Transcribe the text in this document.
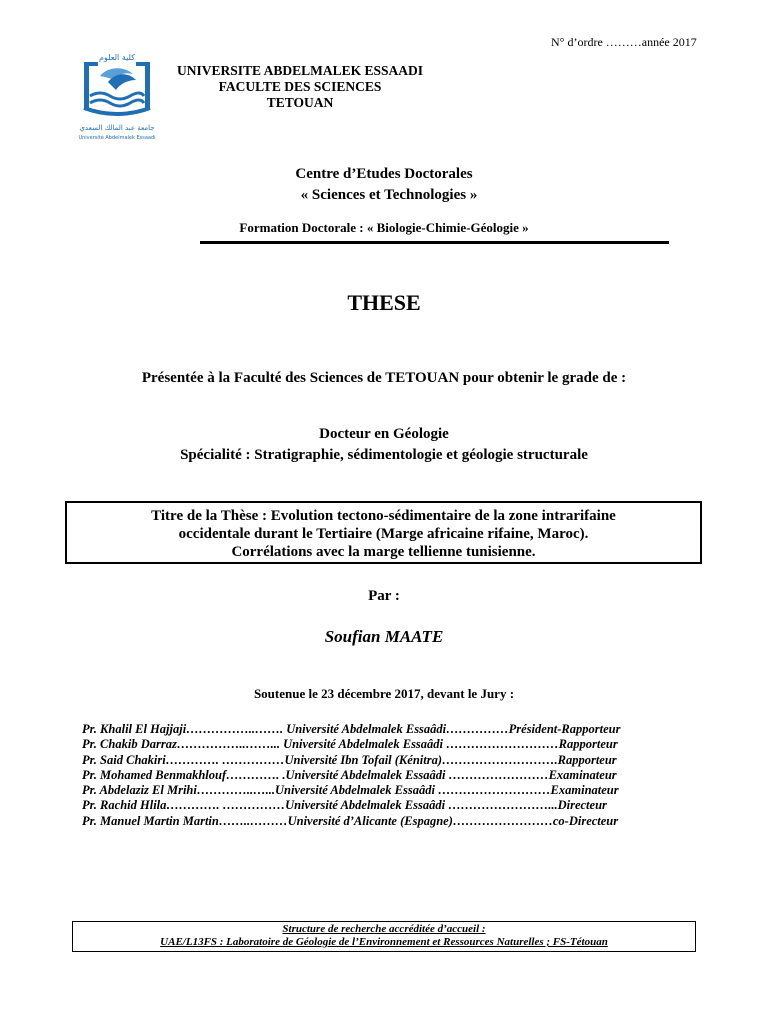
N° d’ordre ………année 2017
كلية العلوم
جامعة عبد المالك السعدي
Université Abdelmalek Essaadi
UNIVERSITE ABDELMALEK ESSAADI
FACULTE DES SCIENCES
TETOUAN
Centre d’Etudes Doctorales
« Sciences et Technologies »
Formation Doctorale : « Biologie-Chimie-Géologie »
THESE
Présentée à la Faculté des Sciences de TETOUAN pour obtenir le grade de :
Docteur en Géologie
Spécialité : Stratigraphie, sédimentologie et géologie structurale
Titre de la Thèse : Evolution tectono-sédimentaire de la zone intrarifaine
occidentale durant le Tertiaire (Marge africaine rifaine, Maroc).
Corrélations avec la marge tellienne tunisienne.
Par :
Soufian MAATE
Soutenue le 23 décembre 2017, devant le Jury :
Pr. Khalil El Hajjaji……………..……. Université Abdelmalek Essaâdi……………Président-Rapporteur
Pr. Chakib Darraz……………..……... Université Abdelmalek Essaâdi ………………………Rapporteur
Pr. Said Chakiri…………. ……………Université Ibn Tofail (Kénitra)……………………….Rapporteur
Pr. Mohamed Benmakhlouf…………. .Université Abdelmalek Essaâdi ……………………Examinateur
Pr. Abdelaziz El Mrihi…………..…...Université Abdelmalek Essaâdi ………………………Examinateur
Pr. Rachid Hlila…………. ……………Université Abdelmalek Essaâdi ……………………...Directeur
Pr. Manuel Martin Martin……..………Université d’Alicante (Espagne)……………………co-Directeur
Structure de recherche accréditée d’accueil :
UAE/L13FS : Laboratoire de Géologie de l’Environnement et Ressources Naturelles ; FS-Tétouan
